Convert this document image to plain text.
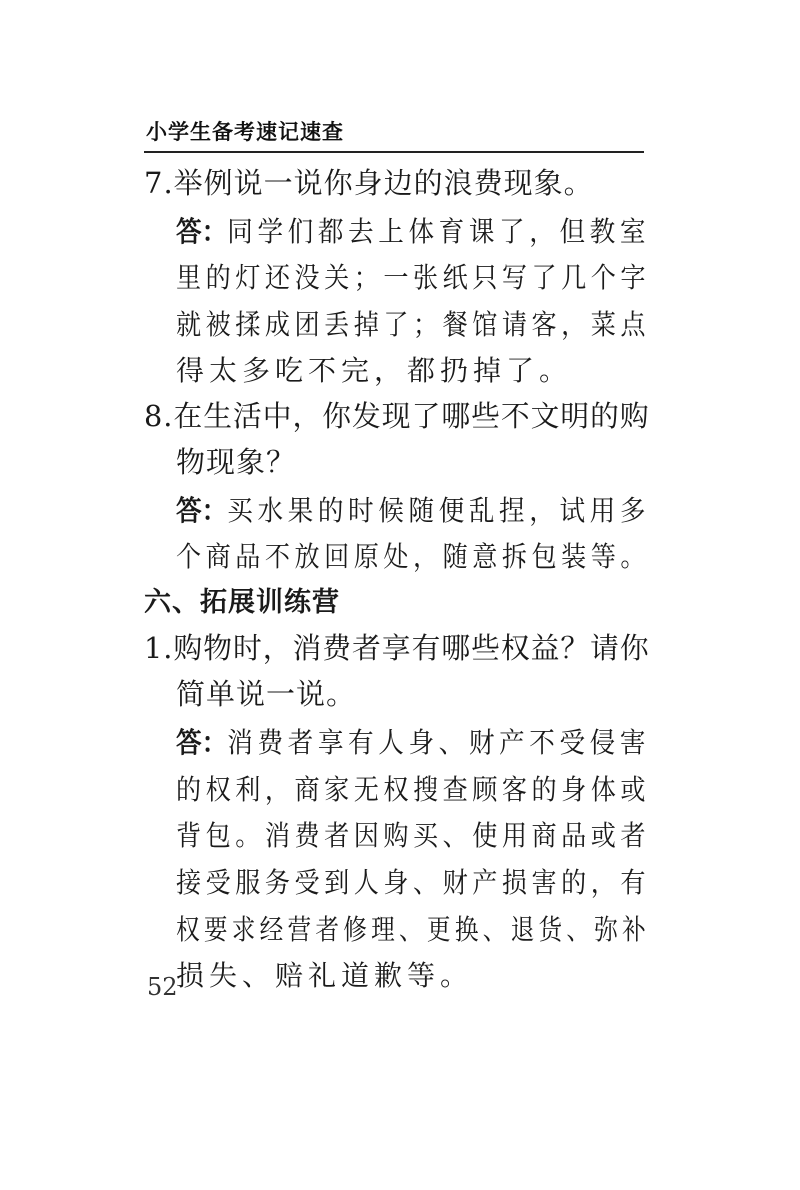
小学生备考速记速查
7.举例说一说你身边的浪费现象。
答：同学们都去上体育课了，但教室
里的灯还没关；一张纸只写了几个字
就被揉成团丢掉了；餐馆请客，菜点
得太多吃不完，都扔掉了。
8.在生活中，你发现了哪些不文明的购
物现象？
答：买水果的时候随便乱捏，试用多
个商品不放回原处，随意拆包装等。
六、拓展训练营
1.购物时，消费者享有哪些权益？请你
简单说一说。
答：消费者享有人身、财产不受侵害
的权利，商家无权搜查顾客的身体或
背包。消费者因购买、使用商品或者
接受服务受到人身、财产损害的，有
权要求经营者修理、更换、退货、弥补
损失、赔礼道歉等。
52
